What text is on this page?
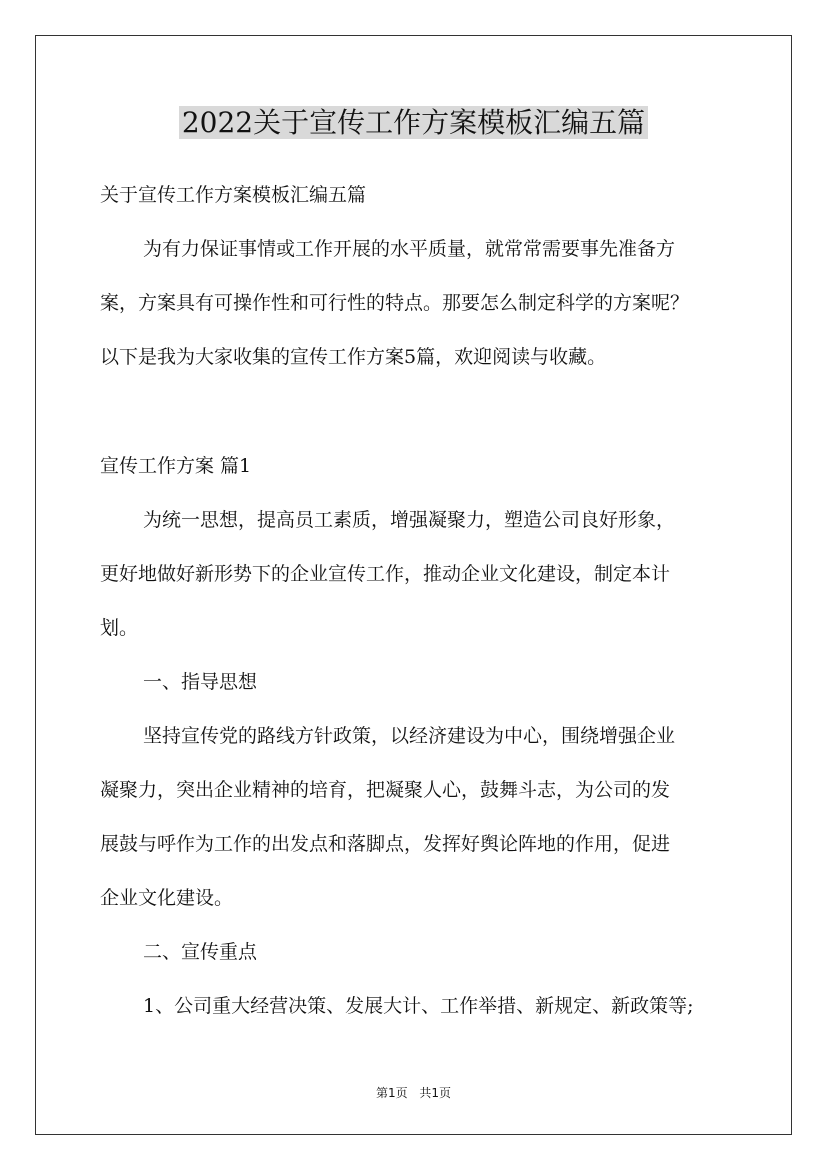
2022关于宣传工作方案模板汇编五篇
关于宣传工作方案模板汇编五篇
为有力保证事情或工作开展的水平质量，就常常需要事先准备方
案，方案具有可操作性和可行性的特点。那要怎么制定科学的方案呢？
以下是我为大家收集的宣传工作方案5篇，欢迎阅读与收藏。
宣传工作方案 篇1
为统一思想，提高员工素质，增强凝聚力，塑造公司良好形象，
更好地做好新形势下的企业宣传工作，推动企业文化建设，制定本计
划。
一、指导思想
坚持宣传党的路线方针政策，以经济建设为中心，围绕增强企业
凝聚力，突出企业精神的培育，把凝聚人心，鼓舞斗志，为公司的发
展鼓与呼作为工作的出发点和落脚点，发挥好舆论阵地的作用，促进
企业文化建设。
二、宣传重点
1、公司重大经营决策、发展大计、工作举措、新规定、新政策等;
第1页 共1页
